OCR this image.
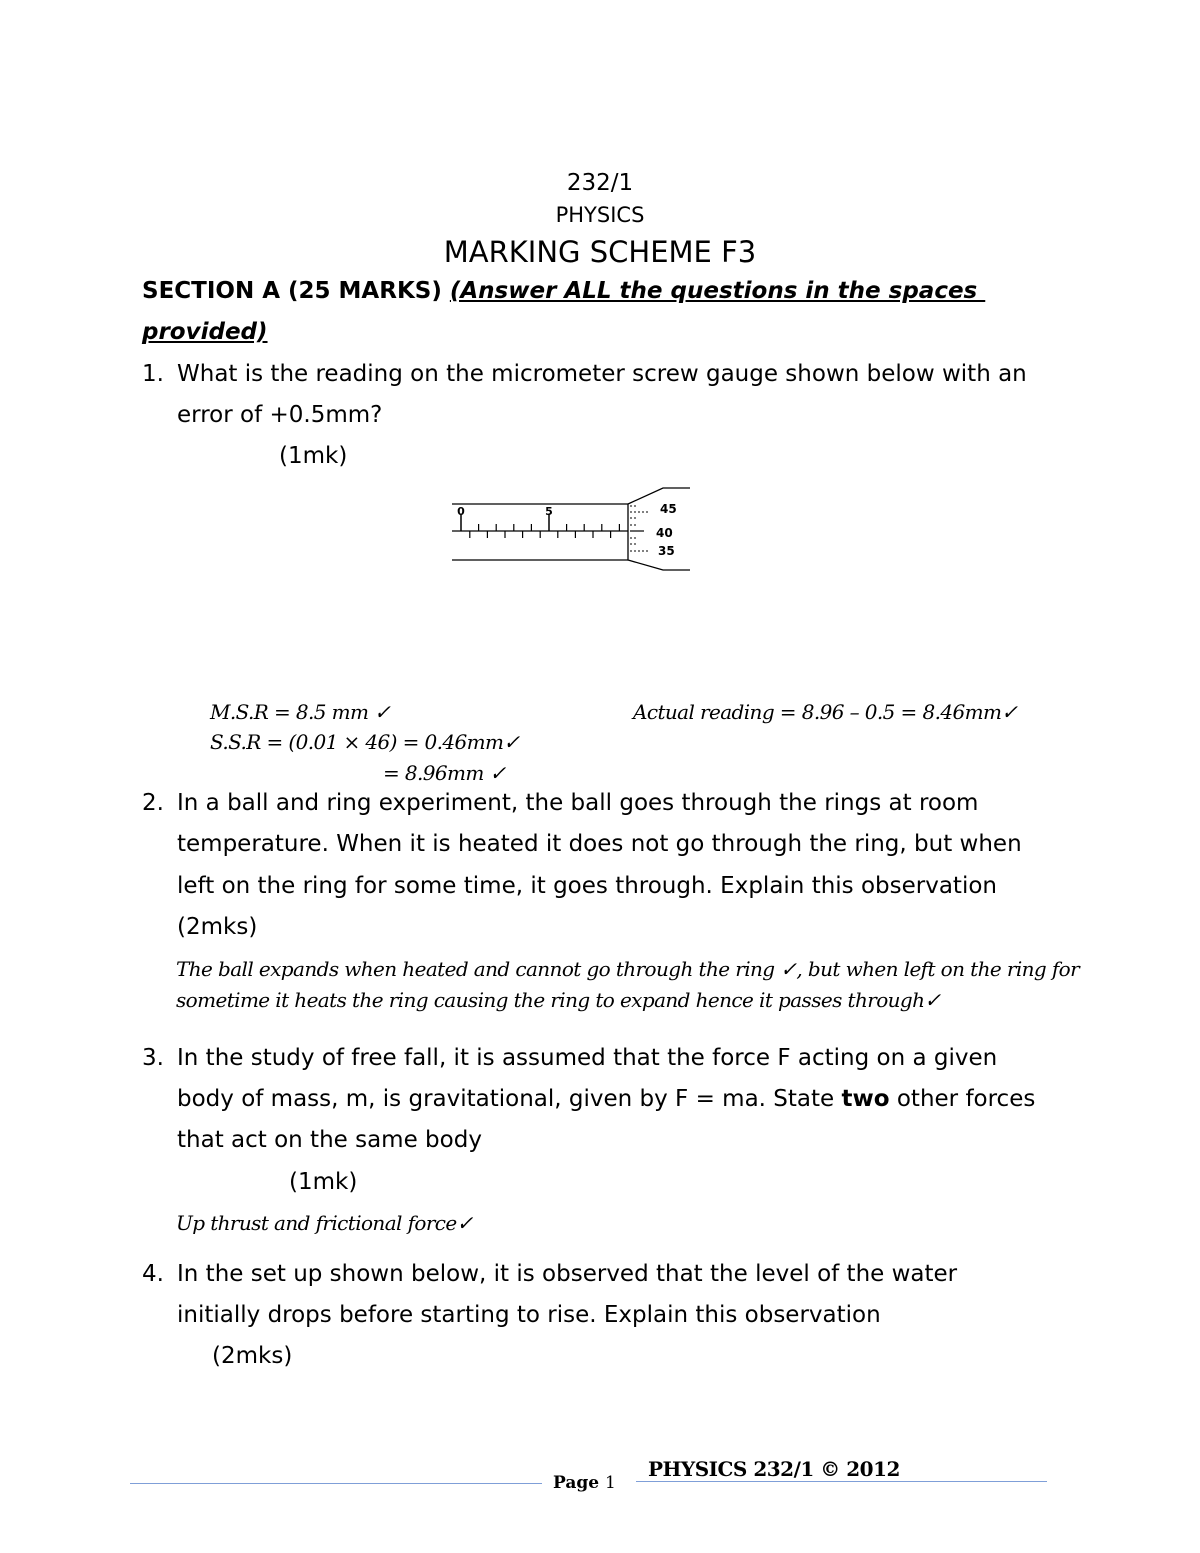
232/1
PHYSICS
MARKING SCHEME F3
SECTION A (25 MARKS) (Answer ALL the questions in the spaces
provided)
1. What is the reading on the micrometer screw gauge shown below with an
error of +0.5mm?
(1mk)
0	5	45
40
35
M.S.R = 8.5 mm ✓	Actual reading = 8.96 – 0.5 = 8.46mm✓
S.S.R = (0.01 × 46) = 0.46mm✓
= 8.96mm ✓
2. In a ball and ring experiment, the ball goes through the rings at room
temperature. When it is heated it does not go through the ring, but when
left on the ring for some time, it goes through. Explain this observation
(2mks)
The ball expands when heated and cannot go through the ring ✓, but when left on the ring for
sometime it heats the ring causing the ring to expand hence it passes through✓
3. In the study of free fall, it is assumed that the force F acting on a given
body of mass, m, is gravitational, given by F = ma. State two other forces
that act on the same body
(1mk)
Up thrust and frictional force✓
4. In the set up shown below, it is observed that the level of the water
initially drops before starting to rise. Explain this observation
(2mks)
Page 1
PHYSICS 232/1 © 2012
